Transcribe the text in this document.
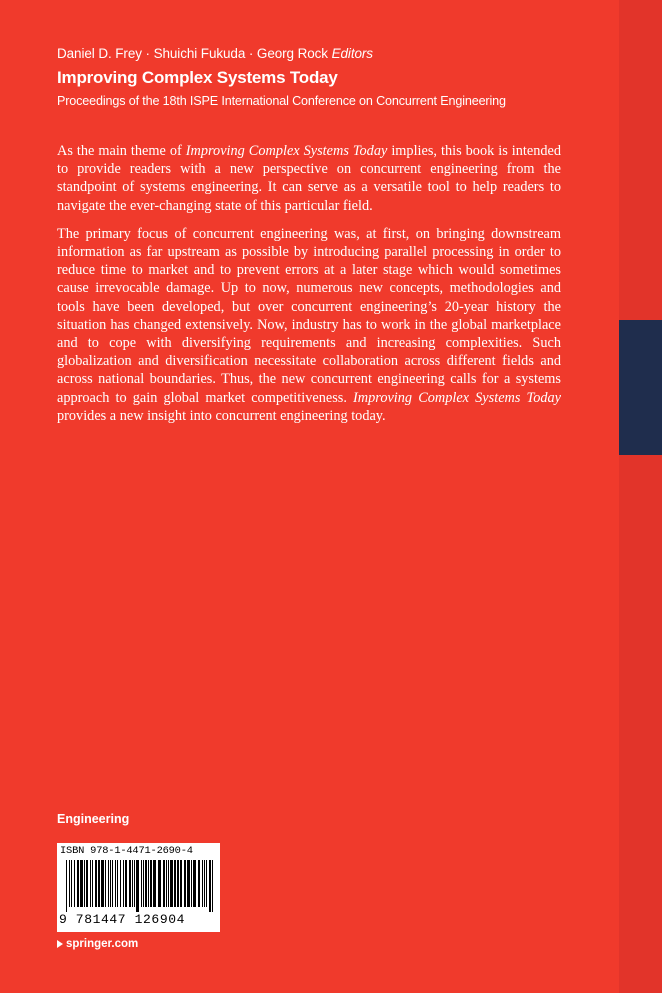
Daniel D. Frey · Shuichi Fukuda · Georg Rock Editors
Improving Complex Systems Today
Proceedings of the 18th ISPE International Conference on Concurrent Engineering

As the main theme of Improving Complex Systems Today implies, this book is intended to provide readers with a new perspective on concurrent engineering from the standpoint of systems engineering. It can serve as a versatile tool to help readers to navigate the ever-changing state of this particular field.

The primary focus of concurrent engineering was, at first, on bringing downstream information as far upstream as possible by introducing parallel processing in order to reduce time to market and to prevent errors at a later stage which would sometimes cause irrevocable damage. Up to now, numerous new concepts, methodologies and tools have been developed, but over concurrent engineering’s 20-year history the situation has changed extensively. Now, industry has to work in the global marketplace and to cope with diversifying requirements and increasing complexities. Such globalization and diversification necessitate collaboration across different fields and across national boundaries. Thus, the new concurrent engineering calls for a systems approach to gain global market competitiveness. Improving Complex Systems Today provides a new insight into concurrent engineering today.

Engineering
ISBN 978-1-4471-2690-4
9 781447 126904
springer.com
